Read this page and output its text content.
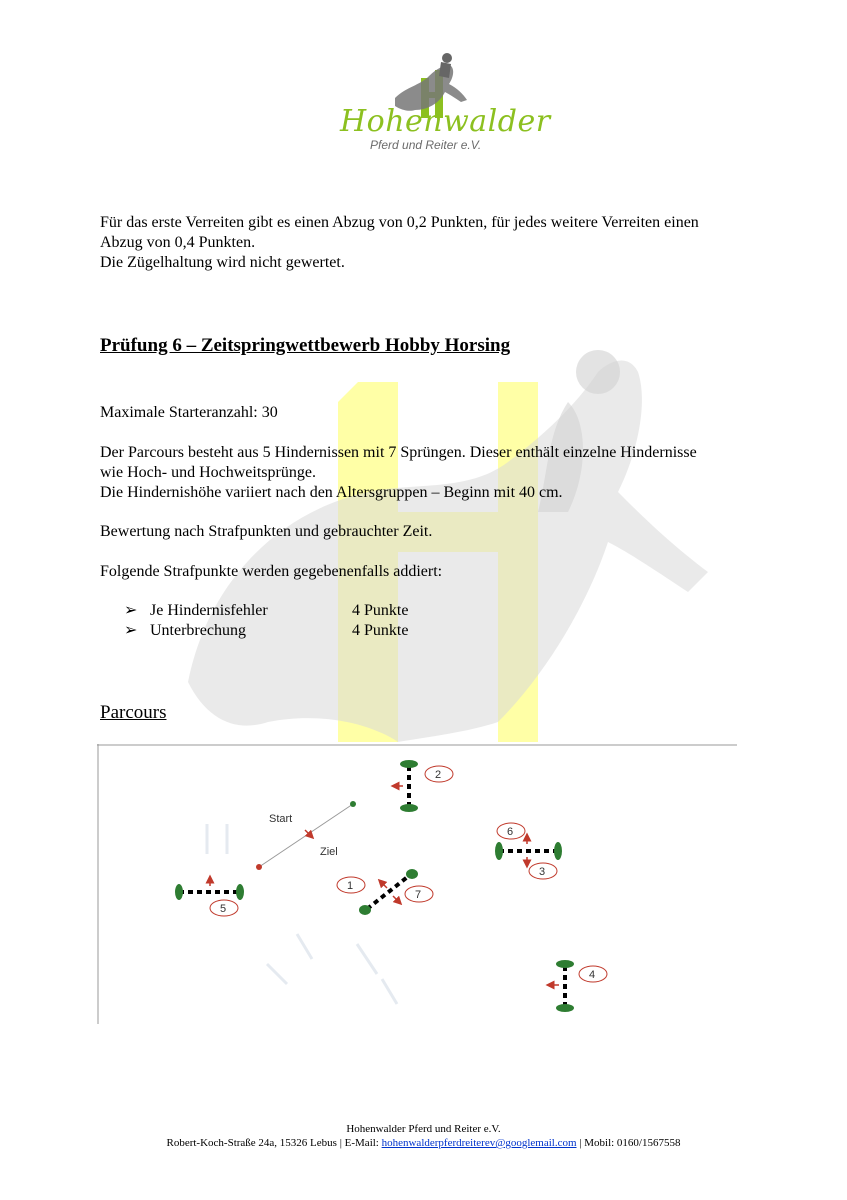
Hohenwalder
Pferd und Reiter e.V.
Für das erste Verreiten gibt es einen Abzug von 0,2 Punkten, für jedes weitere Verreiten einen
Abzug von 0,4 Punkten.
Die Zügelhaltung wird nicht gewertet.
Prüfung 6 – Zeitspringwettbewerb Hobby Horsing
Maximale Starteranzahl: 30
Der Parcours besteht aus 5 Hindernissen mit 7 Sprüngen. Dieser enthält einzelne Hindernisse
wie Hoch- und Hochweitsprünge.
Die Hindernishöhe variiert nach den Altersgruppen – Beginn mit 40 cm.
Bewertung nach Strafpunkten und gebrauchter Zeit.
Folgende Strafpunkte werden gegebenenfalls addiert:
➢ Je Hindernisfehler	4 Punkte
➢ Unterbrechung	4 Punkte
Parcours
Start
Ziel
2
6
3
1
7
5
4
Hohenwalder Pferd und Reiter e.V.
Robert-Koch-Straße 24a, 15326 Lebus | E-Mail: hohenwalderpferdreiterev@googlemail.com | Mobil: 0160/1567558
